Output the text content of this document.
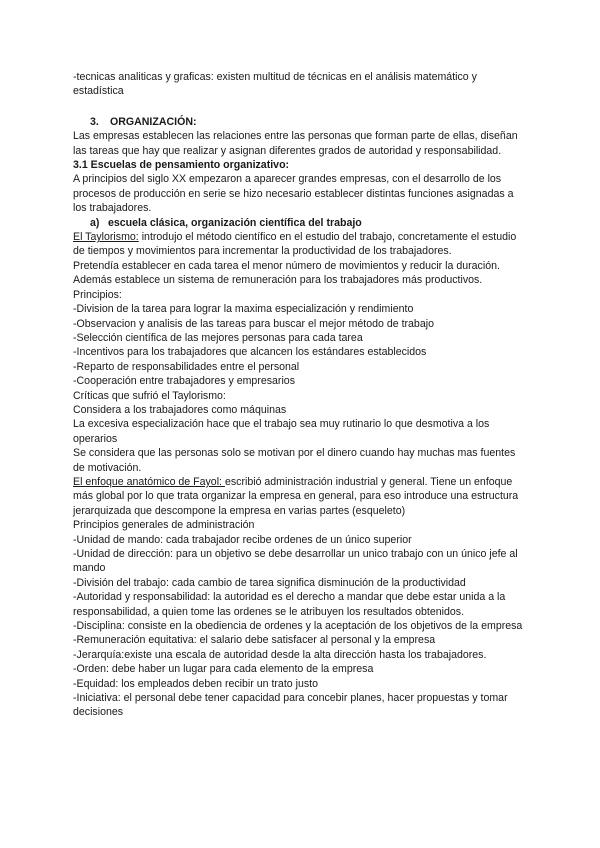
-tecnicas analiticas y graficas: existen multitud de técnicas en el análisis matemático y estadística

3. ORGANIZACIÓN:

Las empresas establecen las relaciones entre las personas que forman parte de ellas, diseñan las tareas que hay que realizar y asignan diferentes grados de autoridad y responsabilidad.

3.1 Escuelas de pensamiento organizativo:

A principios del siglo XX empezaron a aparecer grandes empresas, con el desarrollo de los procesos de producción en serie se hizo necesario establecer distintas funciones asignadas a los trabajadores.

a) escuela clásica, organización científica del trabajo

El Taylorismo: introdujo el método científico en el estudio del trabajo, concretamente el estudio de tiempos y movimientos para incrementar la productividad de los trabajadores.

Pretendía establecer en cada tarea el menor número de movimientos y reducir la duración.

Además establece un sistema de remuneración para los trabajadores más productivos.

Principios:

-Division de la tarea para lograr la maxima especialización y rendimiento

-Observacion y analisis de las tareas para buscar el mejor método de trabajo

-Selección científica de las mejores personas para cada tarea

-Incentivos para los trabajadores que alcancen los estándares establecidos

-Reparto de responsabilidades entre el personal

-Cooperación entre trabajadores y empresarios

Críticas que sufrió el Taylorismo:

Considera a los trabajadores como máquinas

La excesiva especialización hace que el trabajo sea muy rutinario lo que desmotiva a los operarios

Se considera que las personas solo se motivan por el dinero cuando hay muchas mas fuentes de motivación.

El enfoque anatómico de Fayol: escribió administración industrial y general. Tiene un enfoque más global por lo que trata organizar la empresa en general, para eso introduce una estructura jerarquizada que descompone la empresa en varias partes (esqueleto)

Principios generales de administración

-Unidad de mando: cada trabajador recibe ordenes de un único superior

-Unidad de dirección: para un objetivo se debe desarrollar un unico trabajo con un único jefe al mando

-División del trabajo: cada cambio de tarea significa disminución de la productividad

-Autoridad y responsabilidad: la autoridad es el derecho a mandar que debe estar unida a la responsabilidad, a quien tome las ordenes se le atribuyen los resultados obtenidos.

-Disciplina: consiste en la obediencia de ordenes y la aceptación de los objetivos de la empresa

-Remuneración equitativa: el salario debe satisfacer al personal y la empresa

-Jerarquía:existe una escala de autoridad desde la alta dirección hasta los trabajadores.

-Orden: debe haber un lugar para cada elemento de la empresa

-Equidad: los empleados deben recibir un trato justo

-Iniciativa: el personal debe tener capacidad para concebir planes, hacer propuestas y tomar decisiones
